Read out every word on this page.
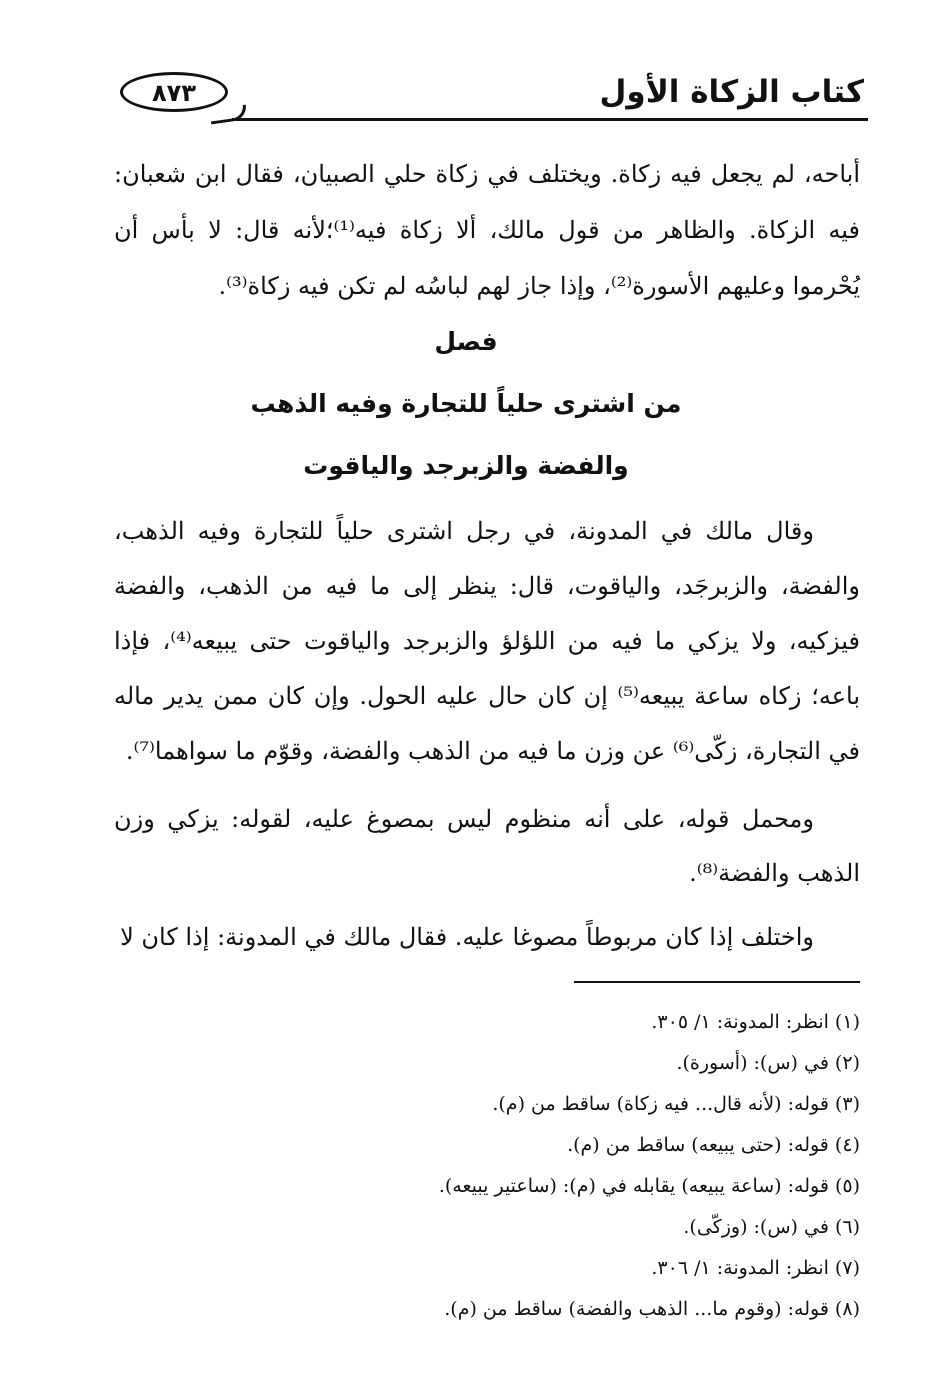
كتاب الزكاة الأول
٨٧٣

أباحه، لم يجعل فيه زكاة. ويختلف في زكاة حلي الصبيان، فقال ابن شعبان: فيه الزكاة. والظاهر من قول مالك، ألا زكاة فيه⁽¹⁾؛لأنه قال: لا بأس أن يُحْرموا وعليهم الأسورة⁽²⁾، وإذا جاز لهم لباسُه لم تكن فيه زكاة⁽³⁾.

فصل
من اشترى حلياً للتجارة وفيه الذهب
والفضة والزبرجد والياقوت

وقال مالك في المدونة، في رجل اشترى حلياً للتجارة وفيه الذهب، والفضة، والزبرجَد، والياقوت، قال: ينظر إلى ما فيه من الذهب، والفضة فيزكيه، ولا يزكي ما فيه من اللؤلؤ والزبرجد والياقوت حتى يبيعه⁽⁴⁾، فإذا باعه؛ زكاه ساعة يبيعه⁽⁵⁾ إن كان حال عليه الحول. وإن كان ممن يدير ماله في التجارة، زكّى⁽⁶⁾ عن وزن ما فيه من الذهب والفضة، وقوّم ما سواهما⁽⁷⁾.

ومحمل قوله، على أنه منظوم ليس بمصوغ عليه، لقوله: يزكي وزن الذهب والفضة⁽⁸⁾.

واختلف إذا كان مربوطاً مصوغا عليه. فقال مالك في المدونة: إذا كان لا

(١) انظر: المدونة: ١/ ٣٠٥.
(٢) في (س): (أسورة).
(٣) قوله: (لأنه قال... فيه زكاة) ساقط من (م).
(٤) قوله: (حتى يبيعه) ساقط من (م).
(٥) قوله: (ساعة يبيعه) يقابله في (م): (ساعتير يبيعه).
(٦) في (س): (وزكّى).
(٧) انظر: المدونة: ١/ ٣٠٦.
(٨) قوله: (وقوم ما... الذهب والفضة) ساقط من (م).
